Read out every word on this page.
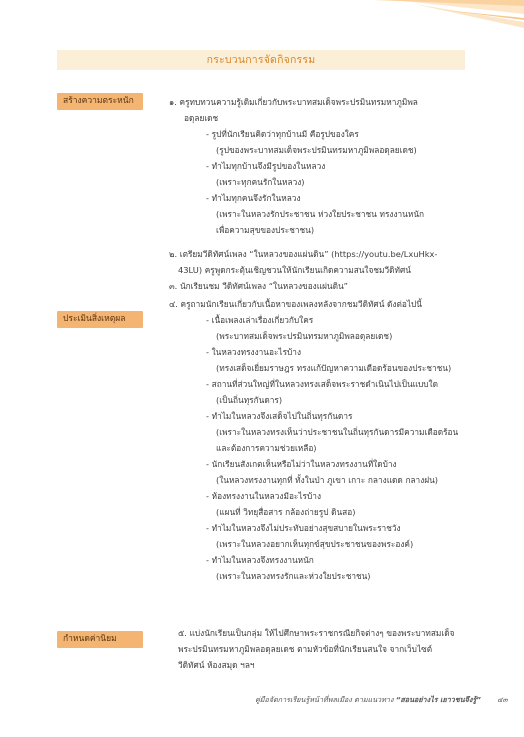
กระบวนการจัดกิจกรรม
สร้างความตระหนัก
ประเมินสิ่งเหตุผล
กำหนดค่านิยม
๑. ครูทบทวนความรู้เดิมเกี่ยวกับพระบาทสมเด็จพระปรมินทรมหาภูมิพล
อดุลยเดช
- รูปที่นักเรียนคิดว่าทุกบ้านมี คือรูปของใคร
(รูปของพระบาทสมเด็จพระปรมินทรมหาภูมิพลอดุลยเดช)
- ทำไมทุกบ้านจึงมีรูปของในหลวง
(เพราะทุกคนรักในหลวง)
- ทำไมทุกคนจึงรักในหลวง
(เพราะในหลวงรักประชาชน ห่วงใยประชาชน ทรงงานหนัก
เพื่อความสุขของประชาชน)
๒. เตรียมวีดิทัศน์เพลง “ในหลวงของแผ่นดิน” (https://youtu.be/LxuHkx-
43LU) ครูพูดกระตุ้นเชิญชวนให้นักเรียนเกิดความสนใจชมวีดิทัศน์
๓. นักเรียนชม วีดิทัศน์เพลง “ในหลวงของแผ่นดิน”
๔. ครูถามนักเรียนเกี่ยวกับเนื้อหาของเพลงหลังจากชมวีดิทัศน์ ดังต่อไปนี้
- เนื้อเพลงเล่าเรื่องเกี่ยวกับใคร
(พระบาทสมเด็จพระปรมินทรมหาภูมิพลอดุลยเดช)
- ในหลวงทรงงานอะไรบ้าง
(ทรงเสด็จเยี่ยมราษฎร ทรงแก้ปัญหาความเดือดร้อนของประชาชน)
- สถานที่ส่วนใหญ่ที่ในหลวงทรงเสด็จพระราชดำเนินไปเป็นแบบใด
(เป็นถิ่นทุรกันดาร)
- ทำไมในหลวงจึงเสด็จไปในถิ่นทุรกันดาร
(เพราะในหลวงทรงเห็นว่าประชาชนในถิ่นทุรกันดารมีความเดือดร้อน
และต้องการความช่วยเหลือ)
- นักเรียนสังเกตเห็นหรือไม่ว่าในหลวงทรงงานที่ใดบ้าง
(ในหลวงทรงงานทุกที่ ทั้งในป่า ภูเขา เกาะ กลางแดด กลางฝน)
- ห้องทรงงานในหลวงมีอะไรบ้าง
(แผนที่ วิทยุสื่อสาร กล้องถ่ายรูป ดินสอ)
- ทำไมในหลวงจึงไม่ประทับอย่างสุขสบายในพระราชวัง
(เพราะในหลวงอยากเห็นทุกข์สุขประชาชนของพระองค์)
- ทำไมในหลวงจึงทรงงานหนัก
(เพราะในหลวงทรงรักและห่วงใยประชาชน)
๕. แบ่งนักเรียนเป็นกลุ่ม ให้ไปศึกษาพระราชกรณียกิจต่างๆ ของพระบาทสมเด็จ
พระปรมินทรมหาภูมิพลอดุลยเดช ตามหัวข้อที่นักเรียนสนใจ จากเว็บไซต์
วีดิทัศน์ ห้องสมุด ฯลฯ
คู่มือจัดการเรียนรู้หน้าที่พลเมือง ตามแนวทาง “สอนอย่างไร เยาวชนจึงรู้” ๔๓
